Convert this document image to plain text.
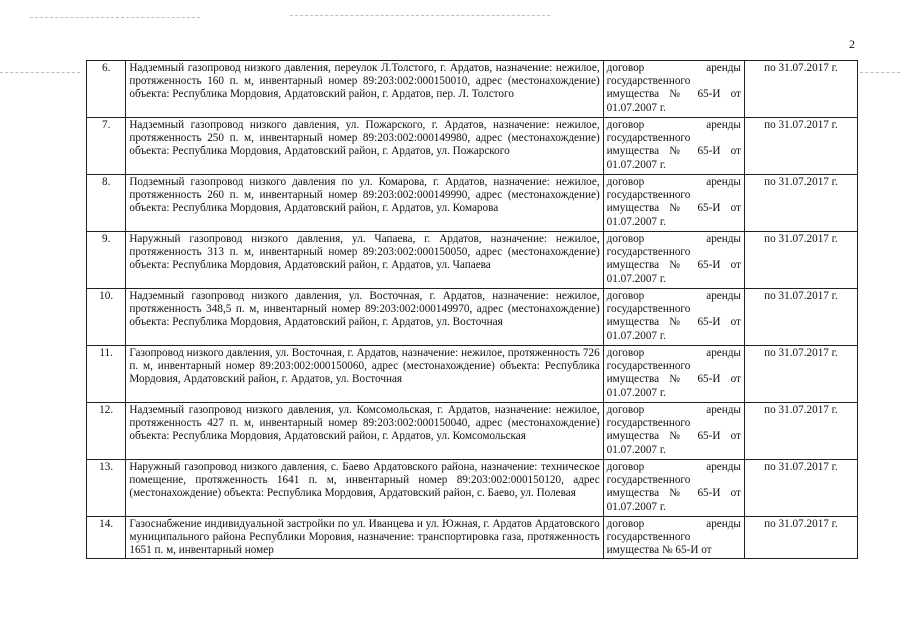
2
6.	Надземный газопровод низкого давления, переулок Л.Толстого, г. Ардатов, назначение: нежилое, протяженность 160 п. м, инвентарный номер 89:203:002:000150010, адрес (местонахождение) объекта: Республика Мордовия, Ардатовский район, г. Ардатов, пер. Л. Толстого	договор аренды государственного имущества № 65-И от 01.07.2007 г.	по 31.07.2017 г.
7.	Надземный газопровод низкого давления, ул. Пожарского, г. Ардатов, назначение: нежилое, протяженность 250 п. м, инвентарный номер 89:203:002:000149980, адрес (местонахождение) объекта: Республика Мордовия, Ардатовский район, г. Ардатов, ул. Пожарского	договор аренды государственного имущества № 65-И от 01.07.2007 г.	по 31.07.2017 г.
8.	Подземный газопровод низкого давления по ул. Комарова, г. Ардатов, назначение: нежилое, протяженность 260 п. м, инвентарный номер 89:203:002:000149990, адрес (местонахождение) объекта: Республика Мордовия, Ардатовский район, г. Ардатов, ул. Комарова	договор аренды государственного имущества № 65-И от 01.07.2007 г.	по 31.07.2017 г.
9.	Наружный газопровод низкого давления, ул. Чапаева, г. Ардатов, назначение: нежилое, протяженность 313 п. м, инвентарный номер 89:203:002:000150050, адрес (местонахождение) объекта: Республика Мордовия, Ардатовский район, г. Ардатов, ул. Чапаева	договор аренды государственного имущества № 65-И от 01.07.2007 г.	по 31.07.2017 г.
10.	Надземный газопровод низкого давления, ул. Восточная, г. Ардатов, назначение: нежилое, протяженность 348,5 п. м, инвентарный номер 89:203:002:000149970, адрес (местонахождение) объекта: Республика Мордовия, Ардатовский район, г. Ардатов, ул. Восточная	договор аренды государственного имущества № 65-И от 01.07.2007 г.	по 31.07.2017 г.
11.	Газопровод низкого давления, ул. Восточная, г. Ардатов, назначение: нежилое, протяженность 726 п. м, инвентарный номер 89:203:002:000150060, адрес (местонахождение) объекта: Республика Мордовия, Ардатовский район, г. Ардатов, ул. Восточная	договор аренды государственного имущества № 65-И от 01.07.2007 г.	по 31.07.2017 г.
12.	Надземный газопровод низкого давления, ул. Комсомольская, г. Ардатов, назначение: нежилое, протяженность 427 п. м, инвентарный номер 89:203:002:000150040, адрес (местонахождение) объекта: Республика Мордовия, Ардатовский район, г. Ардатов, ул. Комсомольская	договор аренды государственного имущества № 65-И от 01.07.2007 г.	по 31.07.2017 г.
13.	Наружный газопровод низкого давления, с. Баево Ардатовского района, назначение: техническое помещение, протяженность 1641 п. м, инвентарный номер 89:203:002:000150120, адрес (местонахождение) объекта: Республика Мордовия, Ардатовский район, с. Баево, ул. Полевая	договор аренды государственного имущества № 65-И от 01.07.2007 г.	по 31.07.2017 г.
14.	Газоснабжение индивидуальной застройки по ул. Иванцева и ул. Южная, г. Ардатов Ардатовского муниципального района Республики Моровия, назначение: транспортировка газа, протяженность 1651 п. м, инвентарный номер	договор аренды государственного имущества № 65-И от	по 31.07.2017 г.
